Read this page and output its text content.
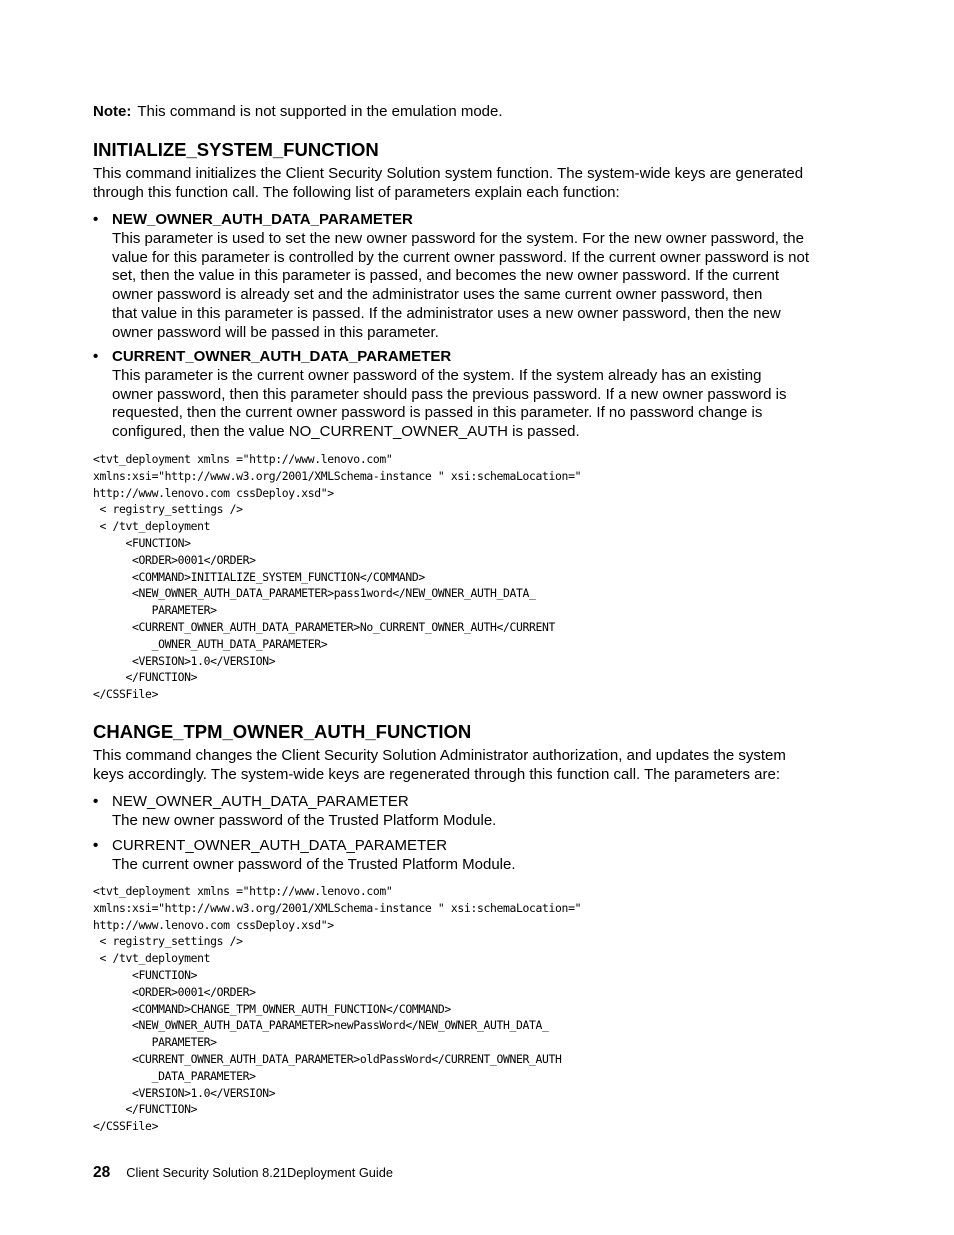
Note: This command is not supported in the emulation mode.
INITIALIZE_SYSTEM_FUNCTION
This command initializes the Client Security Solution system function. The system-wide keys are generated
through this function call. The following list of parameters explain each function:
• NEW_OWNER_AUTH_DATA_PARAMETER
This parameter is used to set the new owner password for the system. For the new owner password, the
value for this parameter is controlled by the current owner password. If the current owner password is not
set, then the value in this parameter is passed, and becomes the new owner password. If the current
owner password is already set and the administrator uses the same current owner password, then
that value in this parameter is passed. If the administrator uses a new owner password, then the new
owner password will be passed in this parameter.
• CURRENT_OWNER_AUTH_DATA_PARAMETER
This parameter is the current owner password of the system. If the system already has an existing
owner password, then this parameter should pass the previous password. If a new owner password is
requested, then the current owner password is passed in this parameter. If no password change is
configured, then the value NO_CURRENT_OWNER_AUTH is passed.
<tvt_deployment xmlns ="http://www.lenovo.com"
xmlns:xsi="http://www.w3.org/2001/XMLSchema-instance " xsi:schemaLocation="
http://www.lenovo.com cssDeploy.xsd">
< registry_settings />
< /tvt_deployment
<FUNCTION>
<ORDER>0001</ORDER>
<COMMAND>INITIALIZE_SYSTEM_FUNCTION</COMMAND>
<NEW_OWNER_AUTH_DATA_PARAMETER>pass1word</NEW_OWNER_AUTH_DATA_
PARAMETER>
<CURRENT_OWNER_AUTH_DATA_PARAMETER>No_CURRENT_OWNER_AUTH</CURRENT
_OWNER_AUTH_DATA_PARAMETER>
<VERSION>1.0</VERSION>
</FUNCTION>
</CSSFile>
CHANGE_TPM_OWNER_AUTH_FUNCTION
This command changes the Client Security Solution Administrator authorization, and updates the system
keys accordingly. The system-wide keys are regenerated through this function call. The parameters are:
• NEW_OWNER_AUTH_DATA_PARAMETER
The new owner password of the Trusted Platform Module.
• CURRENT_OWNER_AUTH_DATA_PARAMETER
The current owner password of the Trusted Platform Module.
<tvt_deployment xmlns ="http://www.lenovo.com"
xmlns:xsi="http://www.w3.org/2001/XMLSchema-instance " xsi:schemaLocation="
http://www.lenovo.com cssDeploy.xsd">
< registry_settings />
< /tvt_deployment
<FUNCTION>
<ORDER>0001</ORDER>
<COMMAND>CHANGE_TPM_OWNER_AUTH_FUNCTION</COMMAND>
<NEW_OWNER_AUTH_DATA_PARAMETER>newPassWord</NEW_OWNER_AUTH_DATA_
PARAMETER>
<CURRENT_OWNER_AUTH_DATA_PARAMETER>oldPassWord</CURRENT_OWNER_AUTH
_DATA_PARAMETER>
<VERSION>1.0</VERSION>
</FUNCTION>
</CSSFile>
28 Client Security Solution 8.21Deployment Guide
